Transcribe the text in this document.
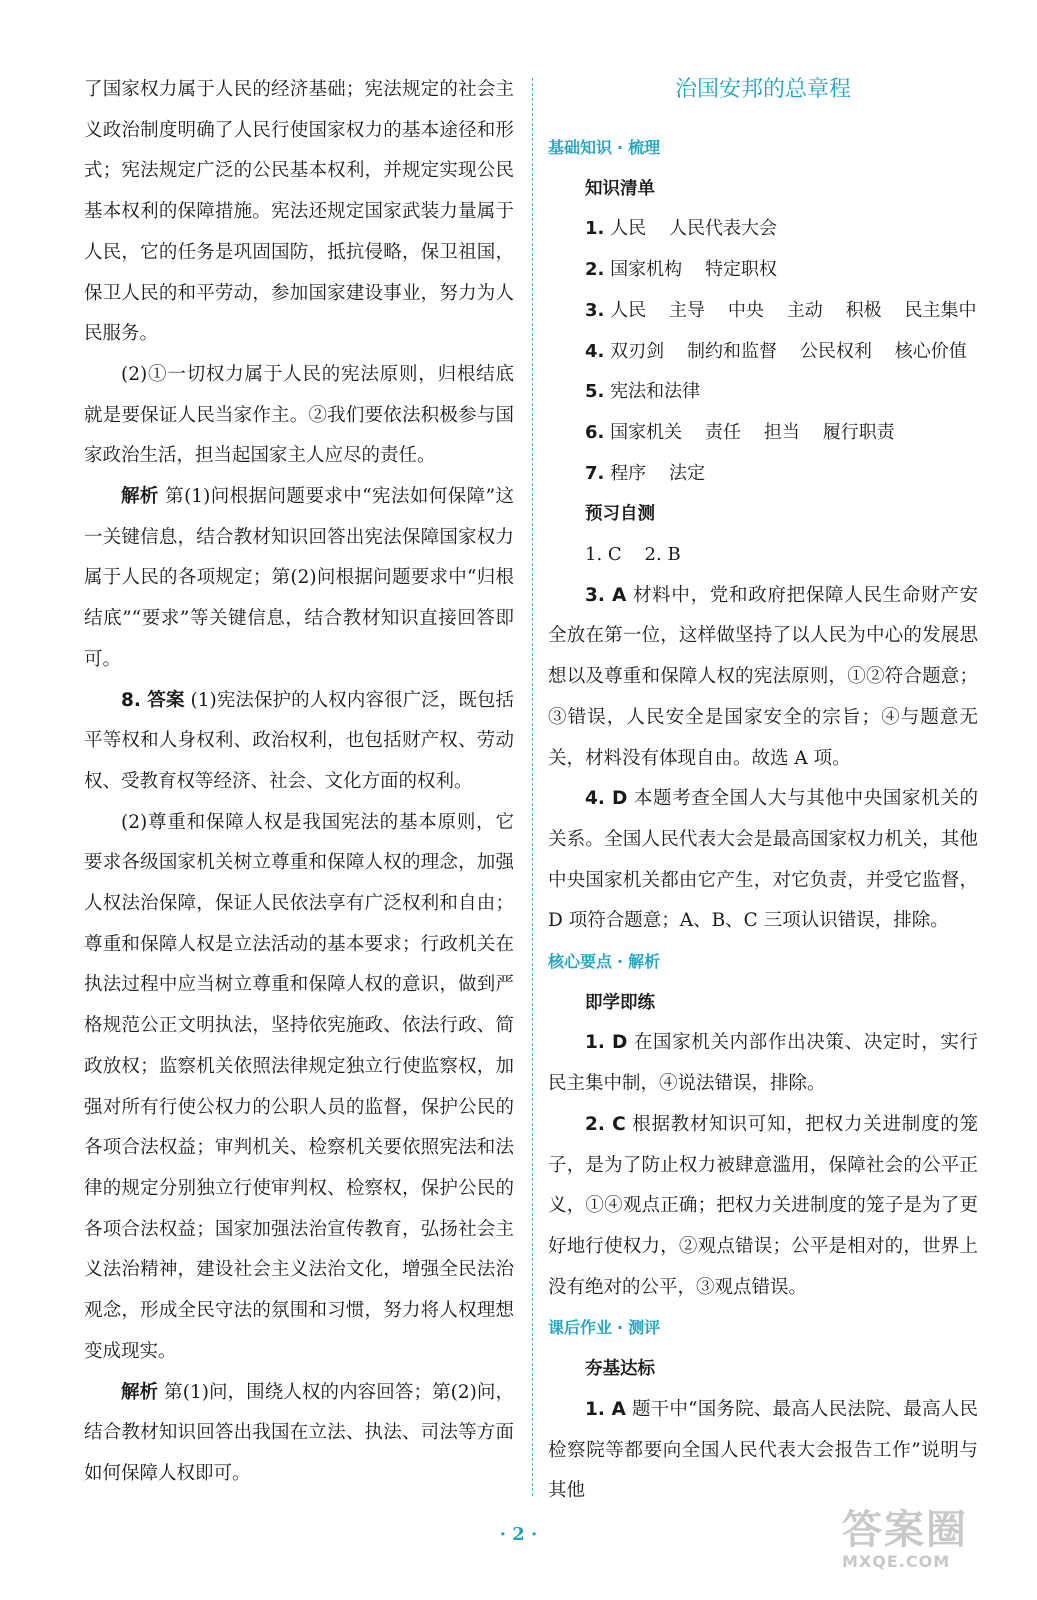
了国家权力属于人民的经济基础；宪法规定的社会主义政治制度明确了人民行使国家权力的基本途径和形式；宪法规定广泛的公民基本权利，并规定实现公民基本权利的保障措施。宪法还规定国家武装力量属于人民，它的任务是巩固国防，抵抗侵略，保卫祖国，保卫人民的和平劳动，参加国家建设事业，努力为人民服务。

(2)①一切权力属于人民的宪法原则，归根结底就是要保证人民当家作主。②我们要依法积极参与国家政治生活，担当起国家主人应尽的责任。

解析 第(1)问根据问题要求中“宪法如何保障”这一关键信息，结合教材知识回答出宪法保障国家权力属于人民的各项规定；第(2)问根据问题要求中“归根结底”“要求”等关键信息，结合教材知识直接回答即可。

8. 答案 (1)宪法保护的人权内容很广泛，既包括平等权和人身权利、政治权利，也包括财产权、劳动权、受教育权等经济、社会、文化方面的权利。

(2)尊重和保障人权是我国宪法的基本原则，它要求各级国家机关树立尊重和保障人权的理念，加强人权法治保障，保证人民依法享有广泛权利和自由；尊重和保障人权是立法活动的基本要求；行政机关在执法过程中应当树立尊重和保障人权的意识，做到严格规范公正文明执法，坚持依宪施政、依法行政、简政放权；监察机关依照法律规定独立行使监察权，加强对所有行使公权力的公职人员的监督，保护公民的各项合法权益；审判机关、检察机关要依照宪法和法律的规定分别独立行使审判权、检察权，保护公民的各项合法权益；国家加强法治宣传教育，弘扬社会主义法治精神，建设社会主义法治文化，增强全民法治观念，形成全民守法的氛围和习惯，努力将人权理想变成现实。

解析 第(1)问，围绕人权的内容回答；第(2)问，结合教材知识回答出我国在立法、执法、司法等方面如何保障人权即可。

治国安邦的总章程
基础知识 · 梳理
知识清单
1. 人民    人民代表大会
2. 国家机构    特定职权
3. 人民    主导    中央    主动    积极    民主集中
4. 双刃剑    制约和监督    公民权利    核心价值
5. 宪法和法律
6. 国家机关    责任    担当    履行职责
7. 程序    法定
预习自测
1. C    2. B

3. A 材料中，党和政府把保障人民生命财产安全放在第一位，这样做坚持了以人民为中心的发展思想以及尊重和保障人权的宪法原则，①②符合题意；③错误，人民安全是国家安全的宗旨；④与题意无关，材料没有体现自由。故选 A 项。

4. D 本题考查全国人大与其他中央国家机关的关系。全国人民代表大会是最高国家权力机关，其他中央国家机关都由它产生，对它负责，并受它监督，D 项符合题意；A、B、C 三项认识错误，排除。

核心要点 · 解析
即学即练

1. D 在国家机关内部作出决策、决定时，实行民主集中制，④说法错误，排除。

2. C 根据教材知识可知，把权力关进制度的笼子，是为了防止权力被肆意滥用，保障社会的公平正义，①④观点正确；把权力关进制度的笼子是为了更好地行使权力，②观点错误；公平是相对的，世界上没有绝对的公平，③观点错误。

课后作业 · 测评
夯基达标

1. A 题干中“国务院、最高人民法院、最高人民检察院等都要向全国人民代表大会报告工作”说明与其他

· 2 ·	答案圈
MXQE.COM
